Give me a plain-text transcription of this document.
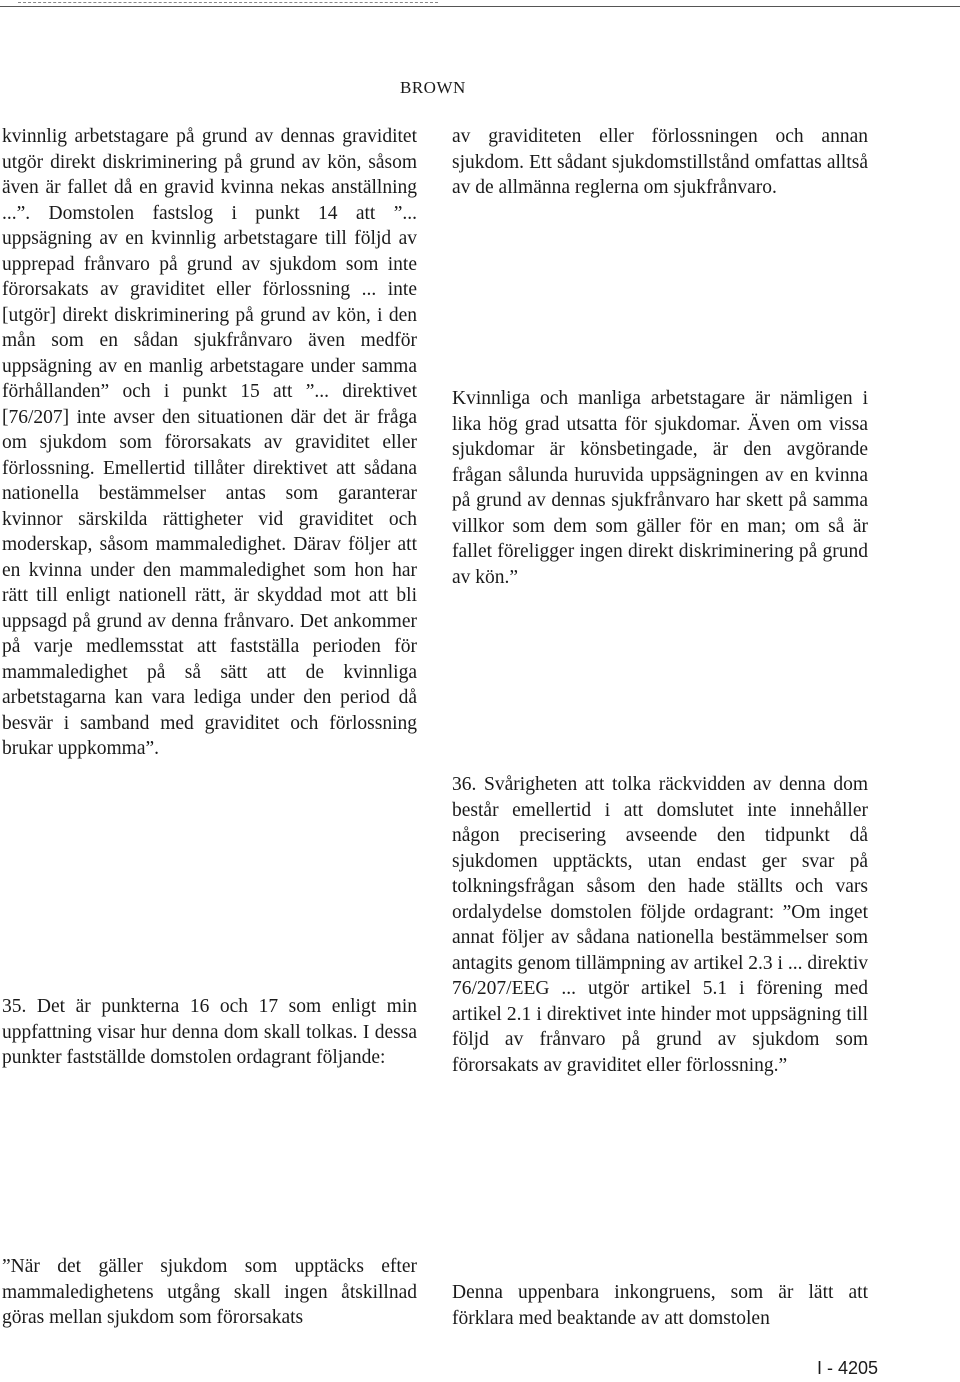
BROWN

kvinnlig arbetstagare på grund av dennas graviditet utgör direkt diskriminering på grund av kön, såsom även är fallet då en gravid kvinna nekas anställning ...”. Domstolen fastslog i punkt 14 att ”... uppsägning av en kvinnlig arbetstagare till följd av upprepad frånvaro på grund av sjukdom som inte förorsakats av graviditet eller förlossning ... inte [utgör] direkt diskriminering på grund av kön, i den mån som en sådan sjukfrånvaro även medför uppsägning av en manlig arbetstagare under samma förhållanden” och i punkt 15 att ”... direktivet [76/207] inte avser den situationen där det är fråga om sjukdom som förorsakats av graviditet eller förlossning. Emellertid tillåter direktivet att sådana nationella bestämmelser antas som garanterar kvinnor särskilda rättigheter vid graviditet och moderskap, såsom mammaledighet. Därav följer att en kvinna under den mammaledighet som hon har rätt till enligt nationell rätt, är skyddad mot att bli uppsagd på grund av denna frånvaro. Det ankommer på varje medlemsstat att fastställa perioden för mammaledighet på så sätt att de kvinnliga arbetstagarna kan vara lediga under den period då besvär i samband med graviditet och förlossning brukar uppkomma”.

35. Det är punkterna 16 och 17 som enligt min uppfattning visar hur denna dom skall tolkas. I dessa punkter fastställde domstolen ordagrant följande:

”När det gäller sjukdom som upptäcks efter mammaledighetens utgång skall ingen åtskillnad göras mellan sjukdom som förorsakats

av graviditeten eller förlossningen och annan sjukdom. Ett sådant sjukdomstillstånd omfattas alltså av de allmänna reglerna om sjukfrånvaro.

Kvinnliga och manliga arbetstagare är nämligen i lika hög grad utsatta för sjukdomar. Även om vissa sjukdomar är könsbetingade, är den avgörande frågan sålunda huruvida uppsägningen av en kvinna på grund av dennas sjukfrånvaro har skett på samma villkor som dem som gäller för en man; om så är fallet föreligger ingen direkt diskriminering på grund av kön.”

36. Svårigheten att tolka räckvidden av denna dom består emellertid i att domslutet inte innehåller någon precisering avseende den tidpunkt då sjukdomen upptäckts, utan endast ger svar på tolkningsfrågan såsom den hade ställts och vars ordalydelse domstolen följde ordagrant: ”Om inget annat följer av sådana nationella bestämmelser som antagits genom tillämpning av artikel 2.3 i ... direktiv 76/207/EEG ... utgör artikel 5.1 i förening med artikel 2.1 i direktivet inte hinder mot uppsägning till följd av frånvaro på grund av sjukdom som förorsakats av graviditet eller förlossning.”

Denna uppenbara inkongruens, som är lätt att förklara med beaktande av att domstolen

I - 4205
